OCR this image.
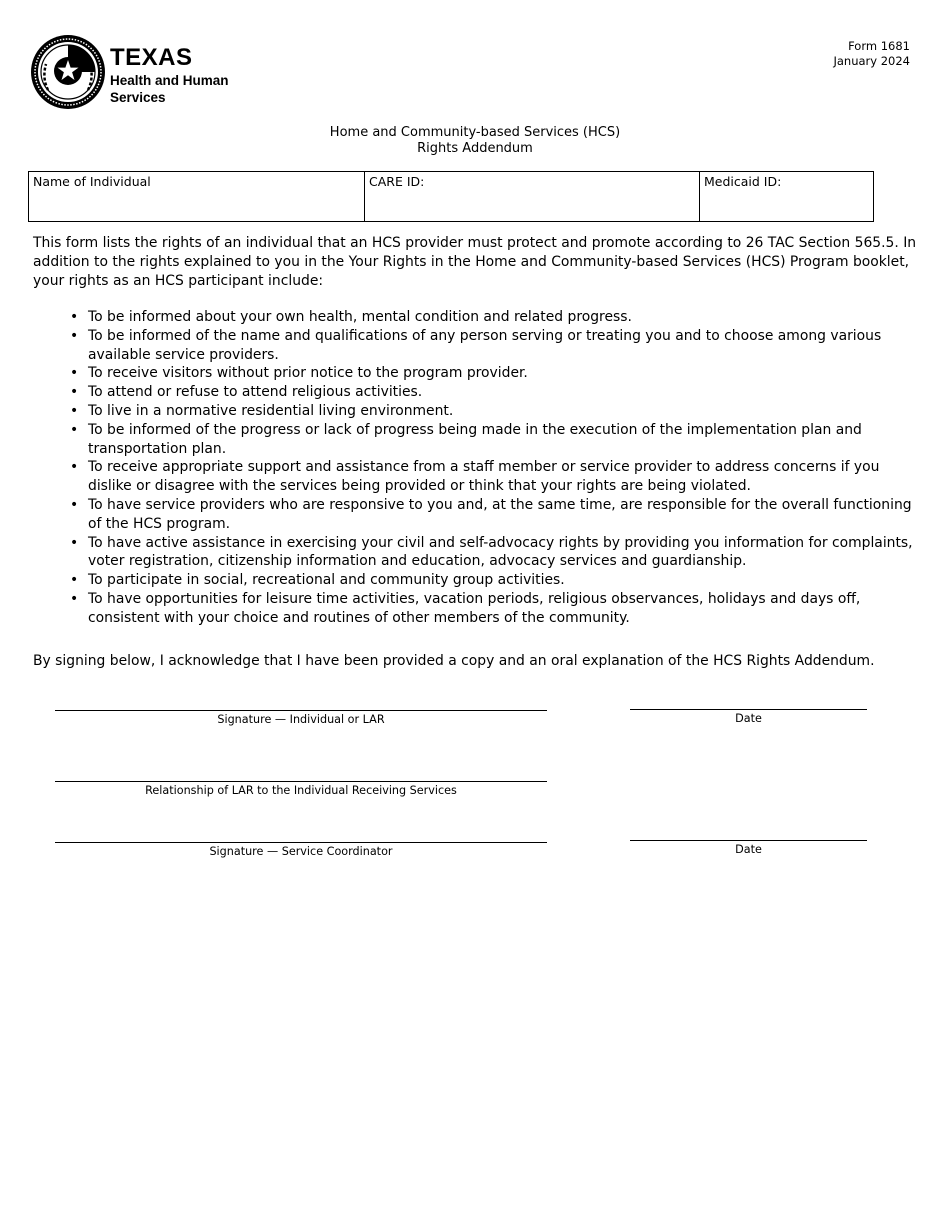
TEXAS
Health and Human
Services
Form 1681
January 2024
Home and Community-based Services (HCS)
Rights Addendum
Name of Individual	CARE ID:	Medicaid ID:
This form lists the rights of an individual that an HCS provider must protect and promote according to 26 TAC Section 565.5. In addition to the rights explained to you in the Your Rights in the Home and Community-based Services (HCS) Program booklet, your rights as an HCS participant include:
• To be informed about your own health, mental condition and related progress.
• To be informed of the name and qualifications of any person serving or treating you and to choose among various available service providers.
• To receive visitors without prior notice to the program provider.
• To attend or refuse to attend religious activities.
• To live in a normative residential living environment.
• To be informed of the progress or lack of progress being made in the execution of the implementation plan and transportation plan.
• To receive appropriate support and assistance from a staff member or service provider to address concerns if you dislike or disagree with the services being provided or think that your rights are being violated.
• To have service providers who are responsive to you and, at the same time, are responsible for the overall functioning of the HCS program.
• To have active assistance in exercising your civil and self-advocacy rights by providing you information for complaints, voter registration, citizenship information and education, advocacy services and guardianship.
• To participate in social, recreational and community group activities.
• To have opportunities for leisure time activities, vacation periods, religious observances, holidays and days off, consistent with your choice and routines of other members of the community.
By signing below, I acknowledge that I have been provided a copy and an oral explanation of the HCS Rights Addendum.
Signature — Individual or LAR	Date
Relationship of LAR to the Individual Receiving Services
Signature — Service Coordinator	Date
